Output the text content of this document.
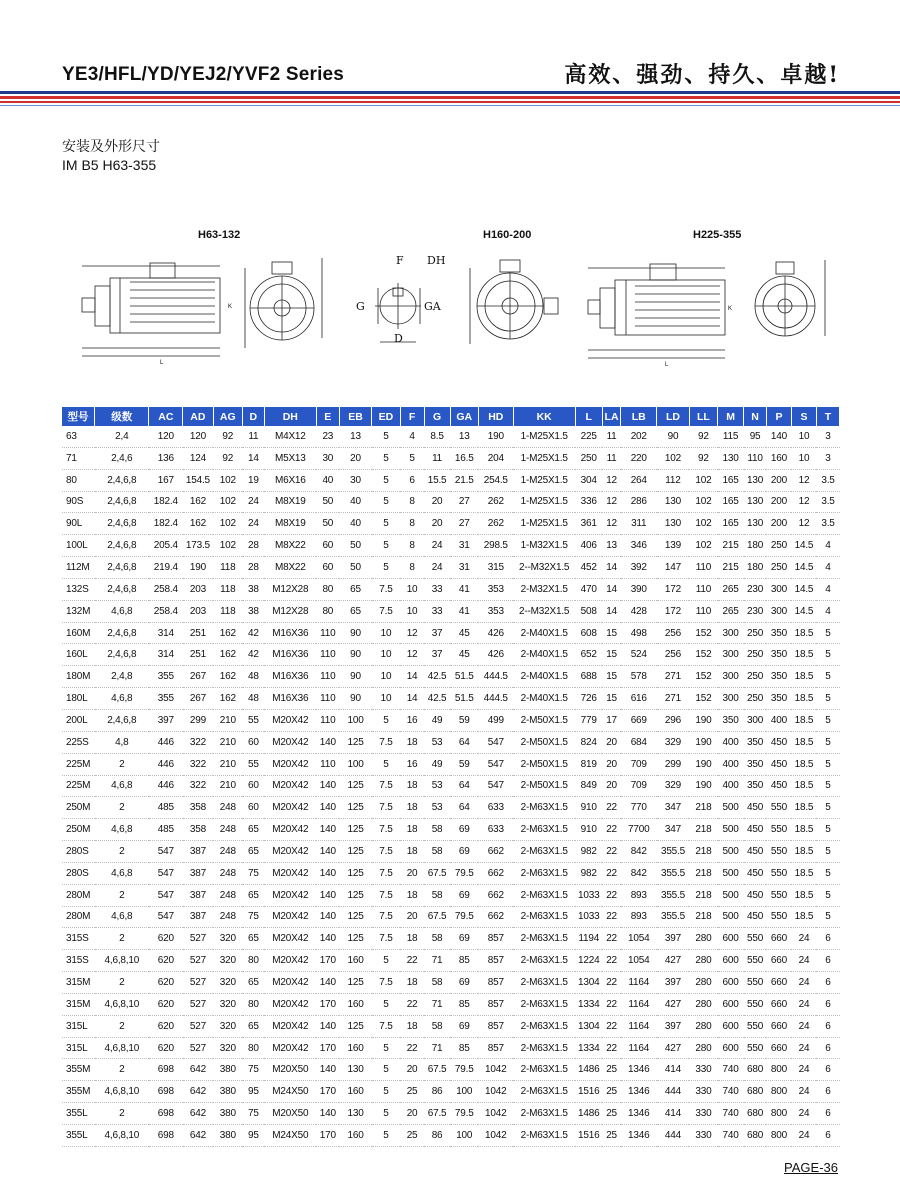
YE3/HFL/YD/YEJ2/YVF2 Series	高效、强劲、持久、卓越!
安装及外形尺寸
IM B5 H63-355
H63-132	H160-200	H225-355
F DH
G	GA
D
L	L
K	K
型号	级数	AC	AD	AG	D	DH	E	EB	ED	F	G	GA	HD	KK	L	LA	LB	LD	LL	M	N	P	S	T
63	2,4	120	120	92	11	M4X12	23	13	5	4	8.5	13	190	1-M25X1.5	225	11	202	90	92	115	95	140	10	3
71	2,4,6	136	124	92	14	M5X13	30	20	5	5	11	16.5	204	1-M25X1.5	250	11	220	102	92	130	110	160	10	3
80	2,4,6,8	167	154.5	102	19	M6X16	40	30	5	6	15.5	21.5	254.5	1-M25X1.5	304	12	264	112	102	165	130	200	12	3.5
90S	2,4,6,8	182.4	162	102	24	M8X19	50	40	5	8	20	27	262	1-M25X1.5	336	12	286	130	102	165	130	200	12	3.5
90L	2,4,6,8	182.4	162	102	24	M8X19	50	40	5	8	20	27	262	1-M25X1.5	361	12	311	130	102	165	130	200	12	3.5
100L	2,4,6,8	205.4	173.5	102	28	M8X22	60	50	5	8	24	31	298.5	1-M32X1.5	406	13	346	139	102	215	180	250	14.5	4
112M	2,4,6,8	219.4	190	118	28	M8X22	60	50	5	8	24	31	315	2--M32X1.5	452	14	392	147	110	215	180	250	14.5	4
132S	2,4,6,8	258.4	203	118	38	M12X28	80	65	7.5	10	33	41	353	2-M32X1.5	470	14	390	172	110	265	230	300	14.5	4
132M	4,6,8	258.4	203	118	38	M12X28	80	65	7.5	10	33	41	353	2--M32X1.5	508	14	428	172	110	265	230	300	14.5	4
160M	2,4,6,8	314	251	162	42	M16X36	110	90	10	12	37	45	426	2-M40X1.5	608	15	498	256	152	300	250	350	18.5	5
160L	2,4,6,8	314	251	162	42	M16X36	110	90	10	12	37	45	426	2-M40X1.5	652	15	524	256	152	300	250	350	18.5	5
180M	2,4,8	355	267	162	48	M16X36	110	90	10	14	42.5	51.5	444.5	2-M40X1.5	688	15	578	271	152	300	250	350	18.5	5
180L	4,6,8	355	267	162	48	M16X36	110	90	10	14	42.5	51.5	444.5	2-M40X1.5	726	15	616	271	152	300	250	350	18.5	5
200L	2,4,6,8	397	299	210	55	M20X42	110	100	5	16	49	59	499	2-M50X1.5	779	17	669	296	190	350	300	400	18.5	5
225S	4,8	446	322	210	60	M20X42	140	125	7.5	18	53	64	547	2-M50X1.5	824	20	684	329	190	400	350	450	18.5	5
225M	2	446	322	210	55	M20X42	110	100	5	16	49	59	547	2-M50X1.5	819	20	709	299	190	400	350	450	18.5	5
225M	4,6,8	446	322	210	60	M20X42	140	125	7.5	18	53	64	547	2-M50X1.5	849	20	709	329	190	400	350	450	18.5	5
250M	2	485	358	248	60	M20X42	140	125	7.5	18	53	64	633	2-M63X1.5	910	22	770	347	218	500	450	550	18.5	5
250M	4,6,8	485	358	248	65	M20X42	140	125	7.5	18	58	69	633	2-M63X1.5	910	22	7700	347	218	500	450	550	18.5	5
280S	2	547	387	248	65	M20X42	140	125	7.5	18	58	69	662	2-M63X1.5	982	22	842	355.5	218	500	450	550	18.5	5
280S	4,6,8	547	387	248	75	M20X42	140	125	7.5	20	67.5	79.5	662	2-M63X1.5	982	22	842	355.5	218	500	450	550	18.5	5
280M	2	547	387	248	65	M20X42	140	125	7.5	18	58	69	662	2-M63X1.5	1033	22	893	355.5	218	500	450	550	18.5	5
280M	4,6,8	547	387	248	75	M20X42	140	125	7.5	20	67.5	79.5	662	2-M63X1.5	1033	22	893	355.5	218	500	450	550	18.5	5
315S	2	620	527	320	65	M20X42	140	125	7.5	18	58	69	857	2-M63X1.5	1194	22	1054	397	280	600	550	660	24	6
315S	4,6,8,10	620	527	320	80	M20X42	170	160	5	22	71	85	857	2-M63X1.5	1224	22	1054	427	280	600	550	660	24	6
315M	2	620	527	320	65	M20X42	140	125	7.5	18	58	69	857	2-M63X1.5	1304	22	1164	397	280	600	550	660	24	6
315M	4,6,8,10	620	527	320	80	M20X42	170	160	5	22	71	85	857	2-M63X1.5	1334	22	1164	427	280	600	550	660	24	6
315L	2	620	527	320	65	M20X42	140	125	7.5	18	58	69	857	2-M63X1.5	1304	22	1164	397	280	600	550	660	24	6
315L	4,6,8,10	620	527	320	80	M20X42	170	160	5	22	71	85	857	2-M63X1.5	1334	22	1164	427	280	600	550	660	24	6
355M	2	698	642	380	75	M20X50	140	130	5	20	67.5	79.5	1042	2-M63X1.5	1486	25	1346	414	330	740	680	800	24	6
355M	4,6,8,10	698	642	380	95	M24X50	170	160	5	25	86	100	1042	2-M63X1.5	1516	25	1346	444	330	740	680	800	24	6
355L	2	698	642	380	75	M20X50	140	130	5	20	67.5	79.5	1042	2-M63X1.5	1486	25	1346	414	330	740	680	800	24	6
355L	4,6,8,10	698	642	380	95	M24X50	170	160	5	25	86	100	1042	2-M63X1.5	1516	25	1346	444	330	740	680	800	24	6
PAGE-36
